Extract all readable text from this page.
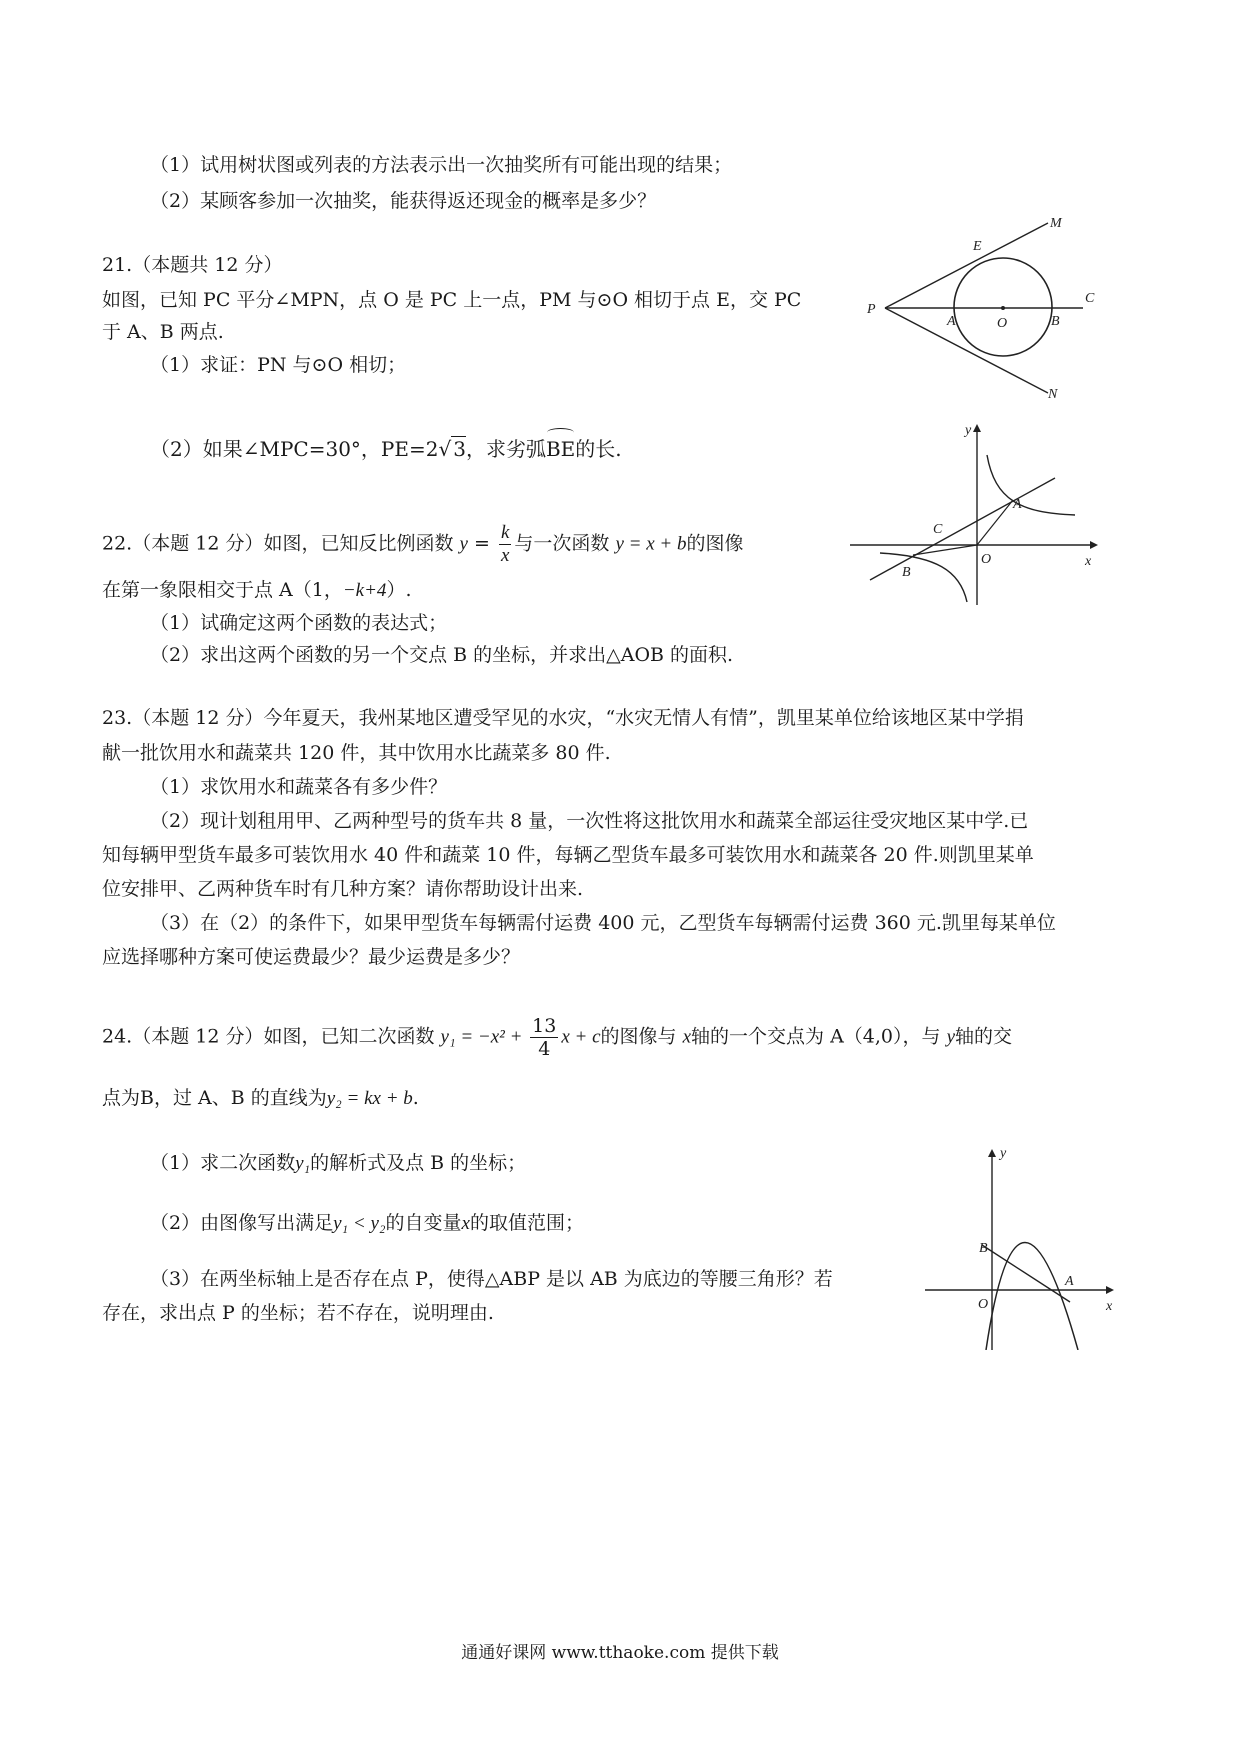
（1）试用树状图或列表的方法表示出一次抽奖所有可能出现的结果；
（2）某顾客参加一次抽奖，能获得返还现金的概率是多少？
21.（本题共 12 分）
如图，已知 PC 平分∠MPN，点 O 是 PC 上一点，PM 与⊙O 相切于点 E，交 PC
于 A、B 两点.
（1）求证：PN 与⊙O 相切；
（2）如果∠MPC=30°，PE=2√ 3，求劣弧BE的长.
M
E
P
A	O	B
C
N
22.（本题 12 分）如图，已知反比例函数 $y = \frac{k}{x}$ 与一次函数 y = x + b的图像
在第一象限相交于点 A（1，−k+4）.
（1）试确定这两个函数的表达式；
（2）求出这两个函数的另一个交点 B 的坐标，并求出△AOB 的面积.
y
x
A
C
O
B
23.（本题 12 分）今年夏天，我州某地区遭受罕见的水灾，“水灾无情人有情”，凯里某单位给该地区某中学捐
献一批饮用水和蔬菜共 120 件，其中饮用水比蔬菜多 80 件.
（1）求饮用水和蔬菜各有多少件？
（2）现计划租用甲、乙两种型号的货车共 8 量，一次性将这批饮用水和蔬菜全部运往受灾地区某中学.已
知每辆甲型货车最多可装饮用水 40 件和蔬菜 10 件，每辆乙型货车最多可装饮用水和蔬菜各 20 件.则凯里某单
位安排甲、乙两种货车时有几种方案？请你帮助设计出来.
（3）在（2）的条件下，如果甲型货车每辆需付运费 400 元，乙型货车每辆需付运费 360 元.凯里每某单位
应选择哪种方案可使运费最少？最少运费是多少？
24.（本题 12 分）如图，已知二次函数 $y_1 = -x^2 + \frac{13}{4}$ x + c的图像与 x轴的一个交点为 A（4,0），与 y轴的交
点为B，过 A、B 的直线为y₂ = kx + b.
（1）求二次函数y₁的解析式及点 B 的坐标；
（2）由图像写出满足y₁ < y₂的自变量x的取值范围；
（3）在两坐标轴上是否存在点 P，使得△ABP 是以 AB 为底边的等腰三角形？若
存在，求出点 P 的坐标；若不存在，说明理由.
y
x
B
O
A
通通好课网 www.tthaoke.com 提供下载
